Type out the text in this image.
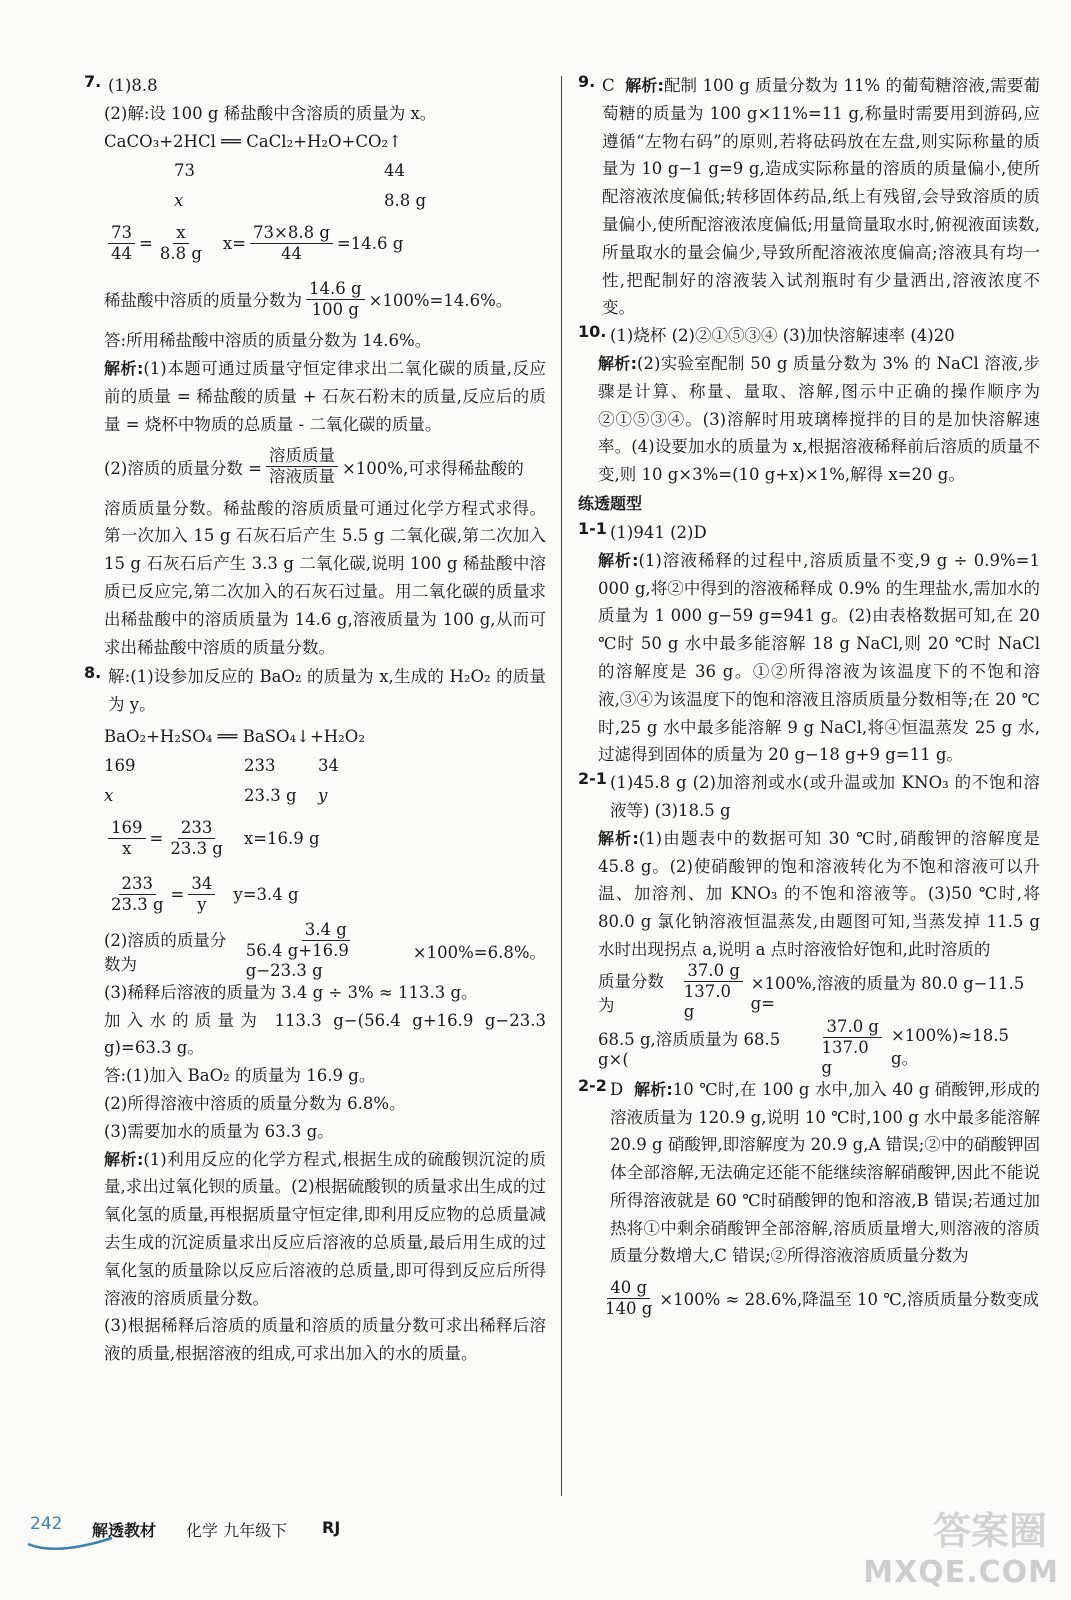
7. (1)8.8

(2)解:设 100 g 稀盐酸中含溶质的质量为 x。

CaCO₃+2HCl ══ CaCl₂+H₂O+CO₂↑

73	44
x	8.8 g
$\frac{73}{44} = \frac{x}{8.8 g} x= \frac{73\times 8.8 g}{44} =14.6$ g
稀盐酸中溶质的质量分数为 $\frac{14.6 g}{100 g} \times 100\%=14.6\%$。

答:所用稀盐酸中溶质的质量分数为 14.6%。

解析:(1)本题可通过质量守恒定律求出二氧化碳的质量,反应前的质量 = 稀盐酸的质量 + 石灰石粉末的质量,反应后的质量 = 烧杯中物质的总质量 - 二氧化碳的质量。

(2)溶质的质量分数 = $\frac{\text{溶质质量}}{\text{溶液质量}} \times 100\%$,可求得稀盐酸的

溶质质量分数。稀盐酸的溶质质量可通过化学方程式求得。第一次加入 15 g 石灰石后产生 5.5 g 二氧化碳,第二次加入 15 g 石灰石后产生 3.3 g 二氧化碳,说明 100 g 稀盐酸中溶质已反应完,第二次加入的石灰石过量。用二氧化碳的质量求出稀盐酸中的溶质质量为 14.6 g,溶液质量为 100 g,从而可求出稀盐酸中溶质的质量分数。

8. 解:(1)设参加反应的 BaO₂ 的质量为 x,生成的 H₂O₂ 的质量为 y。

BaO₂+H₂SO₄ ══ BaSO₄↓+H₂O₂

169	233	34
x	23.3 g	y
$\frac{169}{x} = \frac{233}{23.3 g} x=16.9$ g
$\frac{233}{23.3 g} = \frac{34}{y} y=3.4$ g
(2)溶质的质量分数为	$\frac{3.4 g}{56.4 g+16.9 g-23.3 g} \times 100\%=6.8\%$。

(3)稀释后溶液的质量为 3.4 g ÷ 3% ≈ 113.3 g。

加入水的质量为 113.3 g−(56.4 g+16.9 g−23.3 g)=63.3 g。

答:(1)加入 BaO₂ 的质量为 16.9 g。

(2)所得溶液中溶质的质量分数为 6.8%。

(3)需要加水的质量为 63.3 g。

解析:(1)利用反应的化学方程式,根据生成的硫酸钡沉淀的质量,求出过氧化钡的质量。(2)根据硫酸钡的质量求出生成的过氧化氢的质量,再根据质量守恒定律,即利用反应物的总质量减去生成的沉淀质量求出反应后溶液的总质量,最后用生成的过氧化氢的质量除以反应后溶液的总质量,即可得到反应后所得溶液的溶质质量分数。

(3)根据稀释后溶质的质量和溶质的质量分数可求出稀释后溶液的质量,根据溶液的组成,可求出加入的水的质量。

9. C 解析:配制 100 g 质量分数为 11% 的葡萄糖溶液,需要葡萄糖的质量为 100 g×11%=11 g,称量时需要用到游码,应遵循“左物右码”的原则,若将砝码放在左盘,则实际称量的质量为 10 g−1 g=9 g,造成实际称量的溶质的质量偏小,使所配溶液浓度偏低;转移固体药品,纸上有残留,会导致溶质的质量偏小,使所配溶液浓度偏低;用量筒量取水时,俯视液面读数,所量取水的量会偏少,导致所配溶液浓度偏高;溶液具有均一性,把配制好的溶液装入试剂瓶时有少量洒出,溶液浓度不变。

10. (1)烧杯 (2)②①⑤③④ (3)加快溶解速率 (4)20

解析:(2)实验室配制 50 g 质量分数为 3% 的 NaCl 溶液,步骤是计算、称量、量取、溶解,图示中正确的操作顺序为②①⑤③④。(3)溶解时用玻璃棒搅拌的目的是加快溶解速率。(4)设要加水的质量为 x,根据溶液稀释前后溶质的质量不变,则 10 g×3%=(10 g+x)×1%,解得 x=20 g。

练透题型
1-1 (1)941 (2)D

解析:(1)溶液稀释的过程中,溶质质量不变,9 g ÷ 0.9%=1 000 g,将②中得到的溶液稀释成 0.9% 的生理盐水,需加水的质量为 1 000 g−59 g=941 g。(2)由表格数据可知,在 20 ℃时 50 g 水中最多能溶解 18 g NaCl,则 20 ℃时 NaCl 的溶解度是 36 g。①②所得溶液为该温度下的不饱和溶液,③④为该温度下的饱和溶液且溶质质量分数相等;在 20 ℃时,25 g 水中最多能溶解 9 g NaCl,将④恒温蒸发 25 g 水,过滤得到固体的质量为 20 g−18 g+9 g=11 g。

2-1 (1)45.8 g (2)加溶剂或水(或升温或加 KNO₃ 的不饱和溶液等) (3)18.5 g

解析:(1)由题表中的数据可知 30 ℃时,硝酸钾的溶解度是 45.8 g。(2)使硝酸钾的饱和溶液转化为不饱和溶液可以升温、加溶剂、加 KNO₃ 的不饱和溶液等。(3)50 ℃时,将 80.0 g 氯化钠溶液恒温蒸发,由题图可知,当蒸发掉 11.5 g 水时出现拐点 a,说明 a 点时溶液恰好饱和,此时溶质的

质量分数为	$\frac{37.0 g}{137.0 g} \times 100\%$,溶液的质量为 80.0 g−11.5 g=
68.5 g,溶质质量为 68.5 g×(	$\frac{37.0 g}{137.0 g} \times 100\%)\approx 18.5$ g。
2-2 D 解析:10 ℃时,在 100 g 水中,加入 40 g 硝酸钾,形成的溶液质量为 120.9 g,说明 10 ℃时,100 g 水中最多能溶解 20.9 g 硝酸钾,即溶解度为 20.9 g,A 错误;②中的硝酸钾固体全部溶解,无法确定还能不能继续溶解硝酸钾,因此不能说所得溶液就是 60 ℃时硝酸钾的饱和溶液,B 错误;若通过加热将①中剩余硝酸钾全部溶解,溶质质量增大,则溶液的溶质质量分数增大,C 错误;②所得溶液溶质质量分数为

$\frac{40 g}{140 g} \times 100\% \approx 28.6\%$,降温至 10 ℃,溶质质量分数变成
242 解透教材 化学 九年级下 RJ	答案圈
MXQE.COM
